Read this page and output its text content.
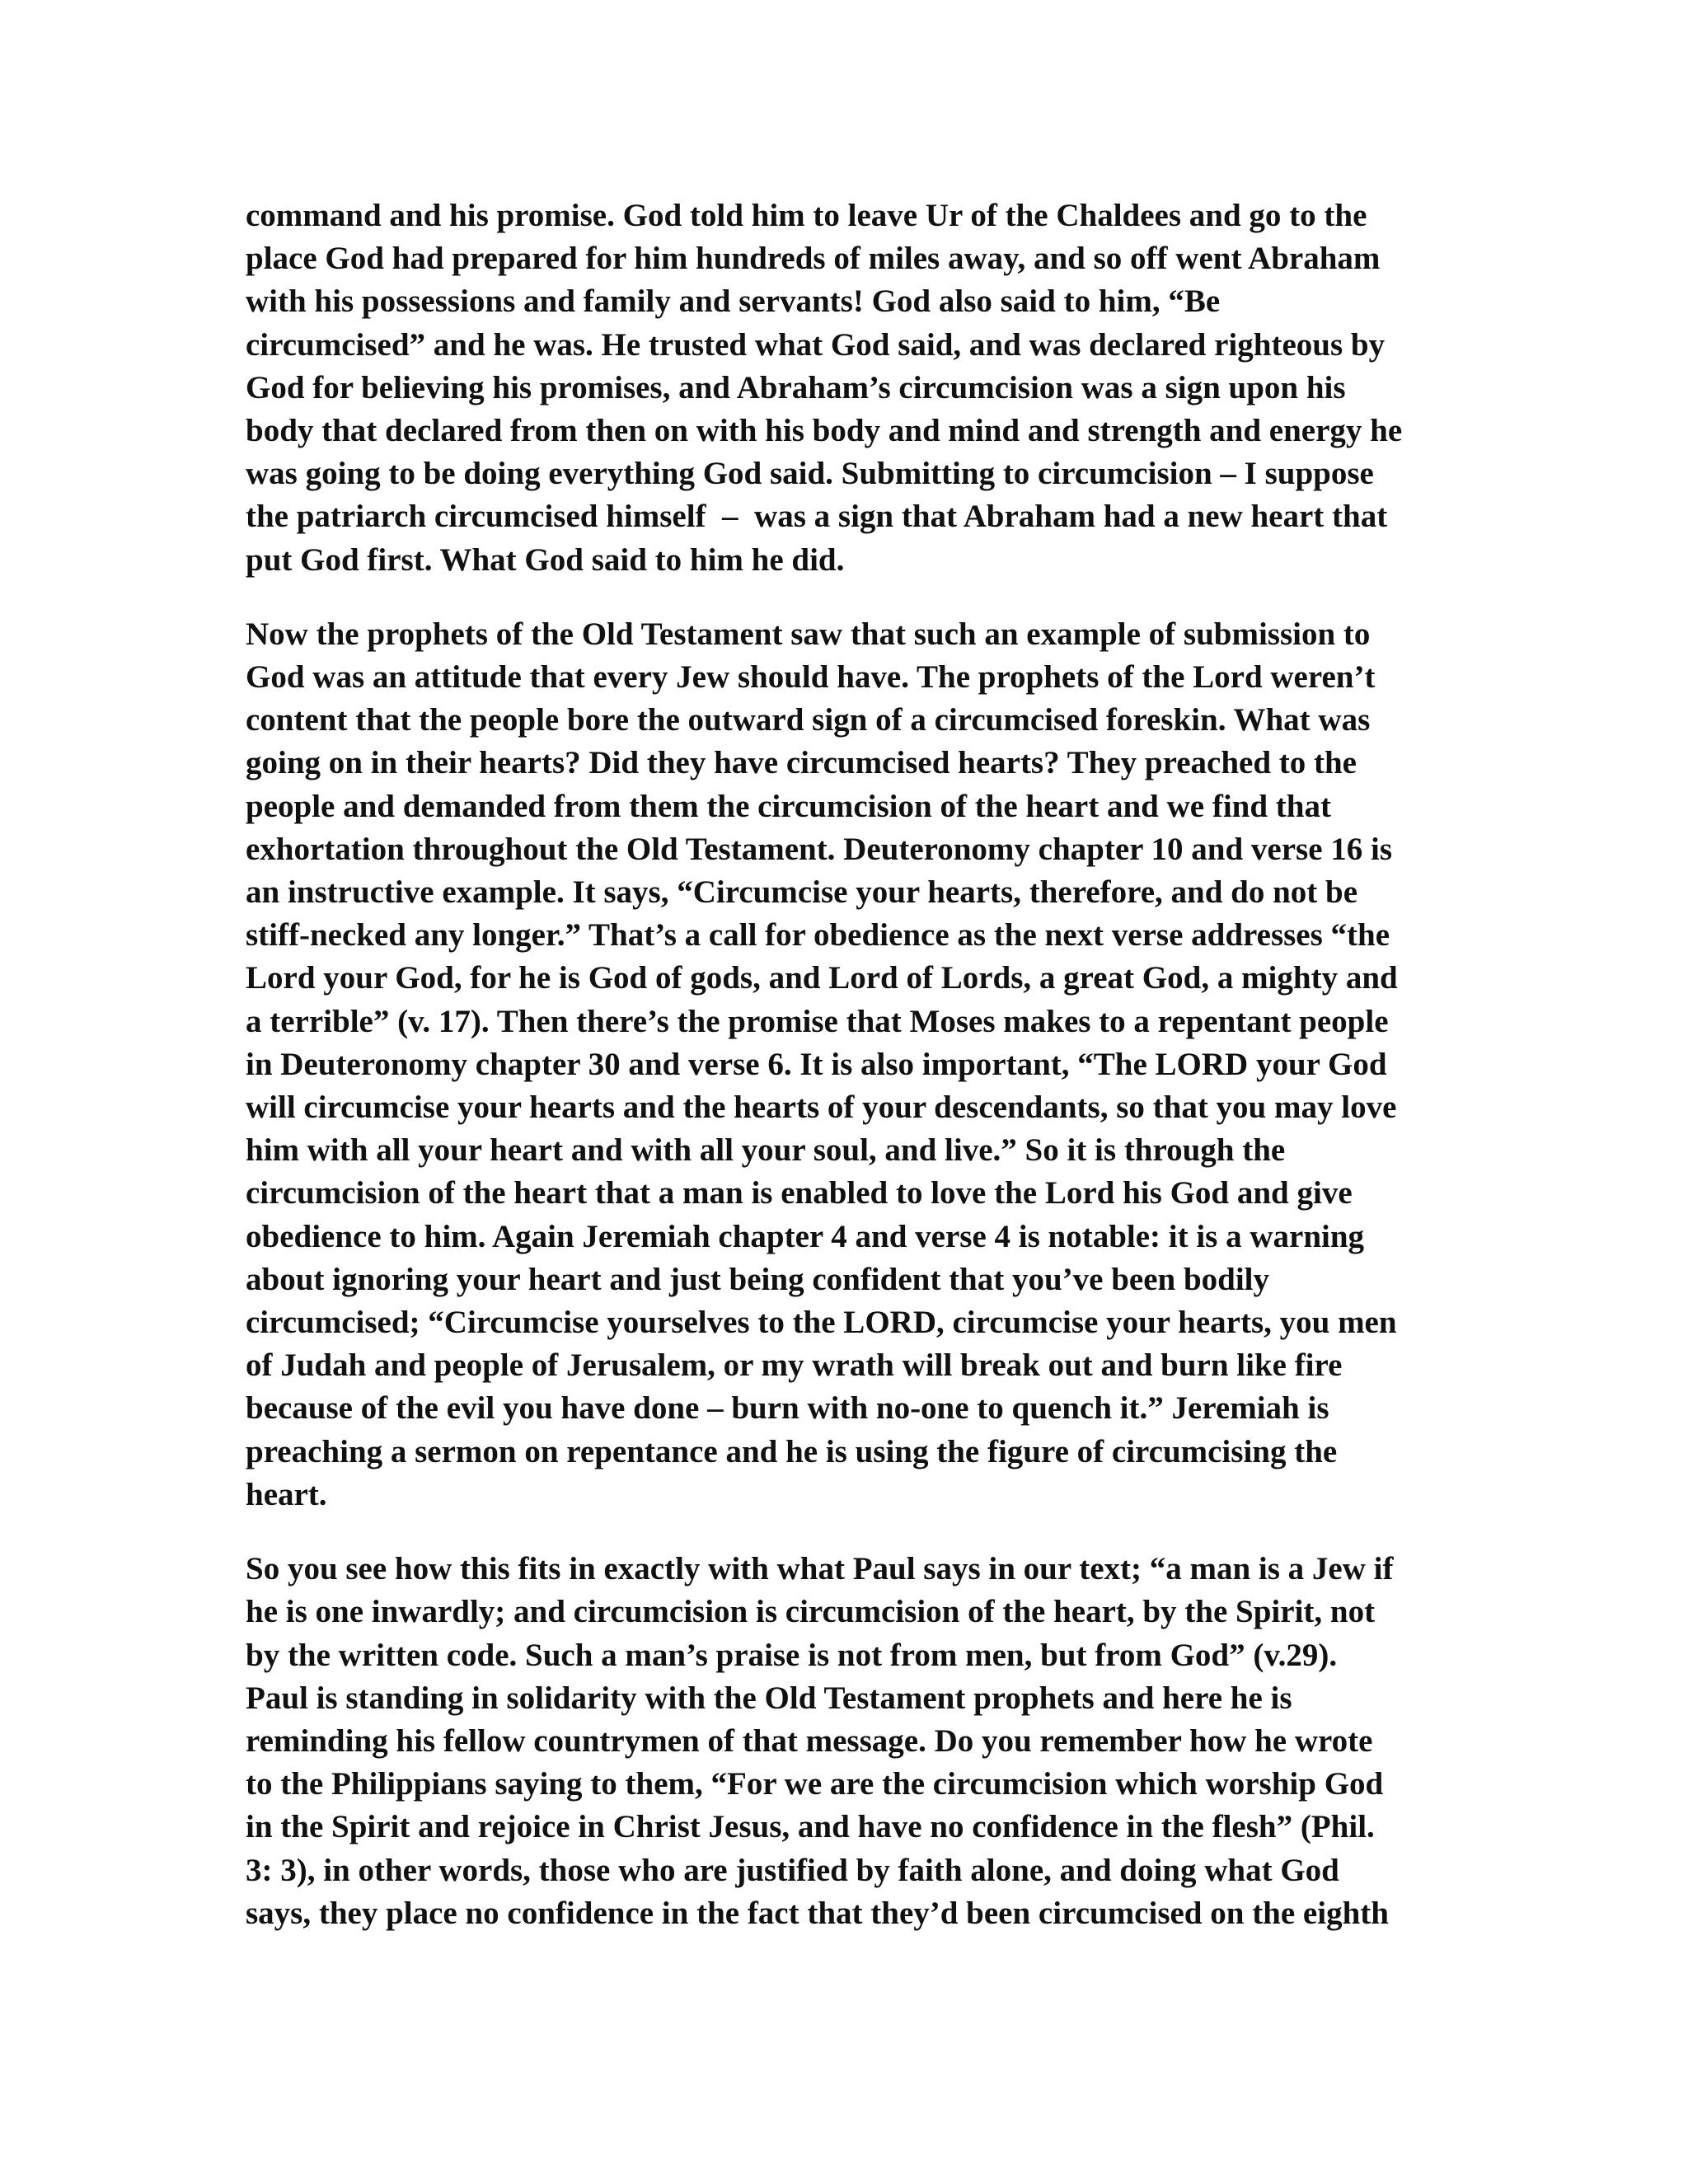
command and his promise. God told him to leave Ur of the Chaldees and go to the
place God had prepared for him hundreds of miles away, and so off went Abraham
with his possessions and family and servants! God also said to him, “Be
circumcised” and he was. He trusted what God said, and was declared righteous by
God for believing his promises, and Abraham’s circumcision was a sign upon his
body that declared from then on with his body and mind and strength and energy he
was going to be doing everything God said. Submitting to circumcision – I suppose
the patriarch circumcised himself  –  was a sign that Abraham had a new heart that
put God first. What God said to him he did.

Now the prophets of the Old Testament saw that such an example of submission to
God was an attitude that every Jew should have. The prophets of the Lord weren’t
content that the people bore the outward sign of a circumcised foreskin. What was
going on in their hearts? Did they have circumcised hearts? They preached to the
people and demanded from them the circumcision of the heart and we find that
exhortation throughout the Old Testament. Deuteronomy chapter 10 and verse 16 is
an instructive example. It says, “Circumcise your hearts, therefore, and do not be
stiff-necked any longer.” That’s a call for obedience as the next verse addresses “the
Lord your God, for he is God of gods, and Lord of Lords, a great God, a mighty and
a terrible” (v. 17). Then there’s the promise that Moses makes to a repentant people
in Deuteronomy chapter 30 and verse 6. It is also important, “The LORD your God
will circumcise your hearts and the hearts of your descendants, so that you may love
him with all your heart and with all your soul, and live.” So it is through the
circumcision of the heart that a man is enabled to love the Lord his God and give
obedience to him. Again Jeremiah chapter 4 and verse 4 is notable: it is a warning
about ignoring your heart and just being confident that you’ve been bodily
circumcised; “Circumcise yourselves to the LORD, circumcise your hearts, you men
of Judah and people of Jerusalem, or my wrath will break out and burn like fire
because of the evil you have done – burn with no-one to quench it.” Jeremiah is
preaching a sermon on repentance and he is using the figure of circumcising the
heart.

So you see how this fits in exactly with what Paul says in our text; “a man is a Jew if
he is one inwardly; and circumcision is circumcision of the heart, by the Spirit, not
by the written code. Such a man’s praise is not from men, but from God” (v.29).
Paul is standing in solidarity with the Old Testament prophets and here he is
reminding his fellow countrymen of that message. Do you remember how he wrote
to the Philippians saying to them, “For we are the circumcision which worship God
in the Spirit and rejoice in Christ Jesus, and have no confidence in the flesh” (Phil.
3: 3), in other words, those who are justified by faith alone, and doing what God
says, they place no confidence in the fact that they’d been circumcised on the eighth
